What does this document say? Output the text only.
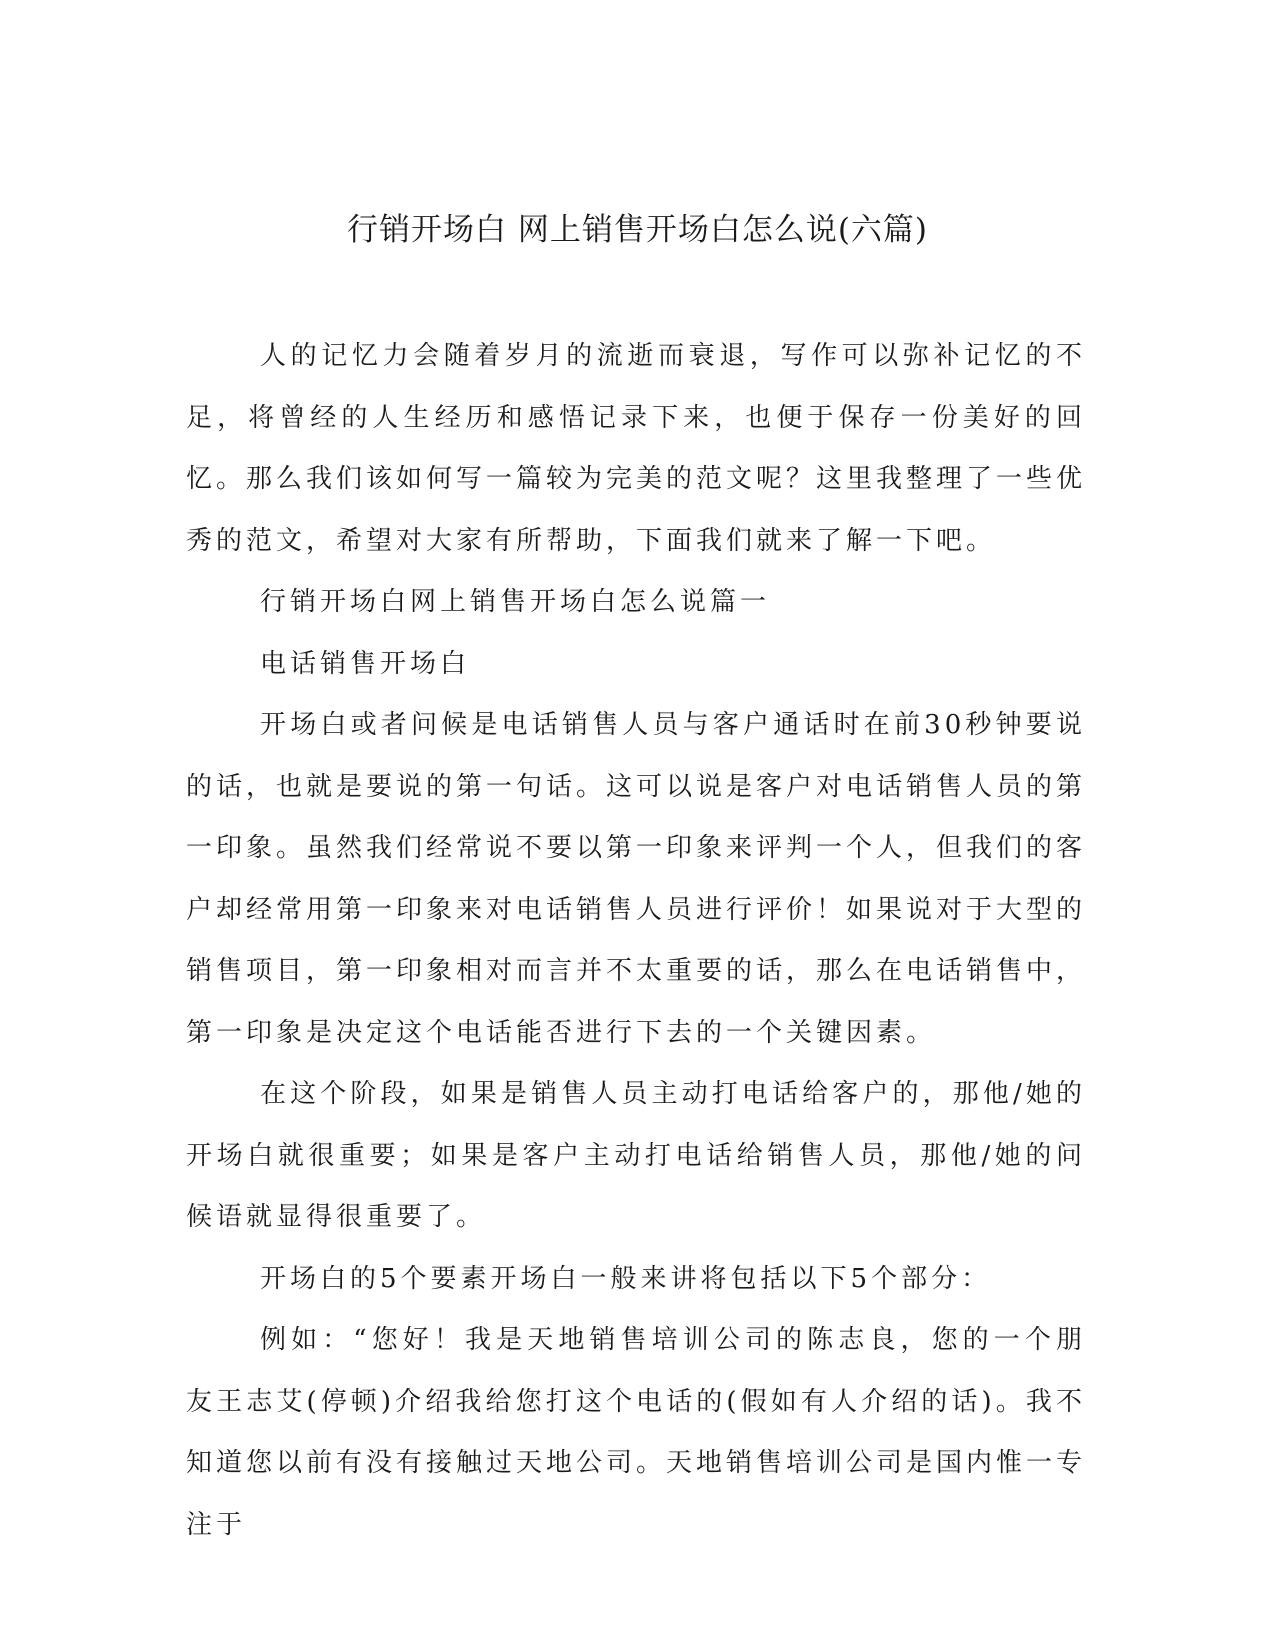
行销开场白 网上销售开场白怎么说(六篇)

人的记忆力会随着岁月的流逝而衰退，写作可以弥补记忆的不足，将曾经的人生经历和感悟记录下来，也便于保存一份美好的回忆。那么我们该如何写一篇较为完美的范文呢？这里我整理了一些优秀的范文，希望对大家有所帮助，下面我们就来了解一下吧。

行销开场白网上销售开场白怎么说篇一

电话销售开场白

开场白或者问候是电话销售人员与客户通话时在前30秒钟要说的话，也就是要说的第一句话。这可以说是客户对电话销售人员的第一印象。虽然我们经常说不要以第一印象来评判一个人，但我们的客户却经常用第一印象来对电话销售人员进行评价！如果说对于大型的销售项目，第一印象相对而言并不太重要的话，那么在电话销售中，第一印象是决定这个电话能否进行下去的一个关键因素。

在这个阶段，如果是销售人员主动打电话给客户的，那他/她的开场白就很重要；如果是客户主动打电话给销售人员，那他/她的问候语就显得很重要了。

开场白的5个要素开场白一般来讲将包括以下5个部分：

例如：“您好！我是天地销售培训公司的陈志良，您的一个朋友王志艾(停顿)介绍我给您打这个电话的(假如有人介绍的话)。我不知道您以前有没有接触过天地公司。天地销售培训公司是国内惟一专注于
